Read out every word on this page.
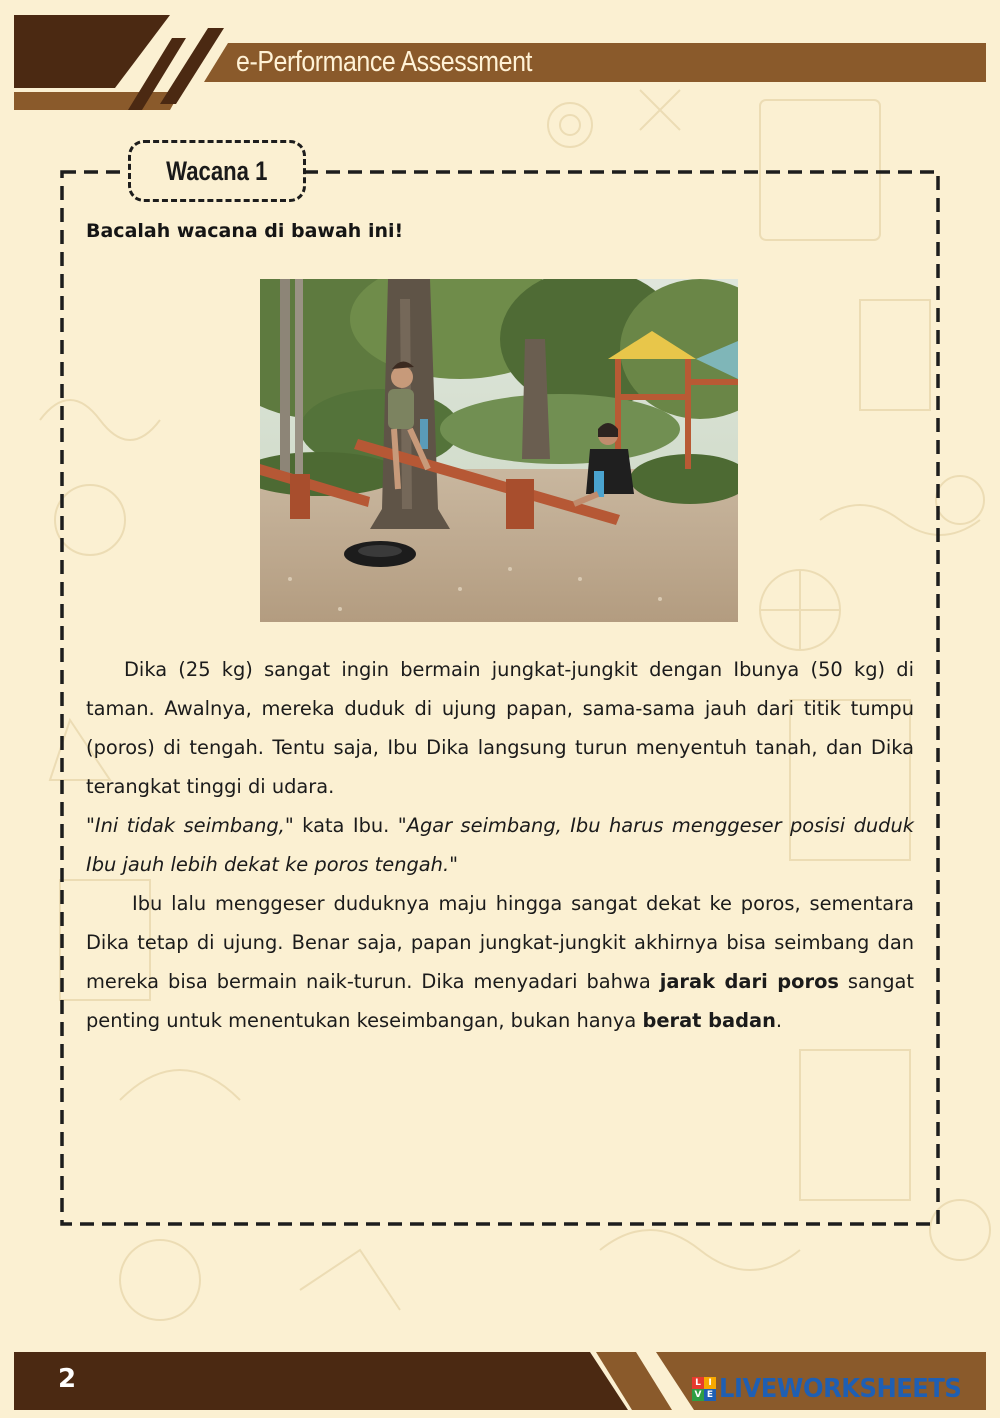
e-Performance Assessment
Wacana 1
Bacalah wacana di bawah ini!

Dika (25 kg) sangat ingin bermain jungkat-jungkit dengan Ibunya (50 kg) di taman. Awalnya, mereka duduk di ujung papan, sama-sama jauh dari titik tumpu (poros) di tengah. Tentu saja, Ibu Dika langsung turun menyentuh tanah, dan Dika terangkat tinggi di udara.

"Ini tidak seimbang," kata Ibu. "Agar seimbang, Ibu harus menggeser posisi duduk Ibu jauh lebih dekat ke poros tengah."

Ibu lalu menggeser duduknya maju hingga sangat dekat ke poros, sementara Dika tetap di ujung. Benar saja, papan jungkat-jungkit akhirnya bisa seimbang dan mereka bisa bermain naik-turun. Dika menyadari bahwa jarak dari poros sangat penting untuk menentukan keseimbangan, bukan hanya berat badan.

2	L I
V E LIVEWORKSHEETS
